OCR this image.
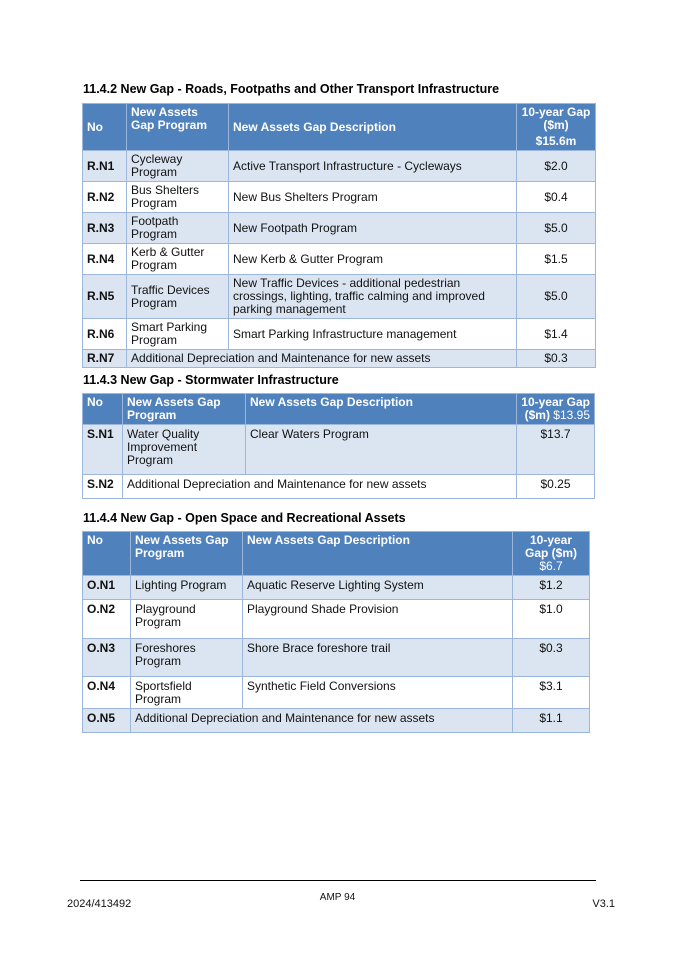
11.4.2 New Gap - Roads, Footpaths and Other Transport Infrastructure
No	New Assets Gap Program	New Assets Gap Description	10-year Gap ($m)
$15.6m

R.N1	Cycleway Program	Active Transport Infrastructure - Cycleways	$2.0
R.N2	Bus Shelters Program	New Bus Shelters Program	$0.4
R.N3	Footpath Program	New Footpath Program	$5.0
R.N4	Kerb & Gutter Program	New Kerb & Gutter Program	$1.5
R.N5	Traffic Devices Program	New Traffic Devices - additional pedestrian crossings, lighting, traffic calming and improved parking management	$5.0
R.N6	Smart Parking Program	Smart Parking Infrastructure management	$1.4
R.N7	Additional Depreciation and Maintenance for new assets		$0.3
11.4.3 New Gap - Stormwater Infrastructure
No	New Assets Gap Program	New Assets Gap Description	10-year Gap ($m) $13.95
S.N1	Water Quality Improvement Program	Clear Waters Program	$13.7
S.N2	Additional Depreciation and Maintenance for new assets		$0.25
11.4.4 New Gap - Open Space and Recreational Assets
No	New Assets Gap Program	New Assets Gap Description	10-year Gap ($m)
$6.7

O.N1	Lighting Program	Aquatic Reserve Lighting System	$1.2
O.N2	Playground Program	Playground Shade Provision	$1.0
O.N3	Foreshores Program	Shore Brace foreshore trail	$0.3
O.N4	Sportsfield Program	Synthetic Field Conversions	$3.1
O.N5	Additional Depreciation and Maintenance for new assets		$1.1
AMP 94
2024/413492	V3.1
